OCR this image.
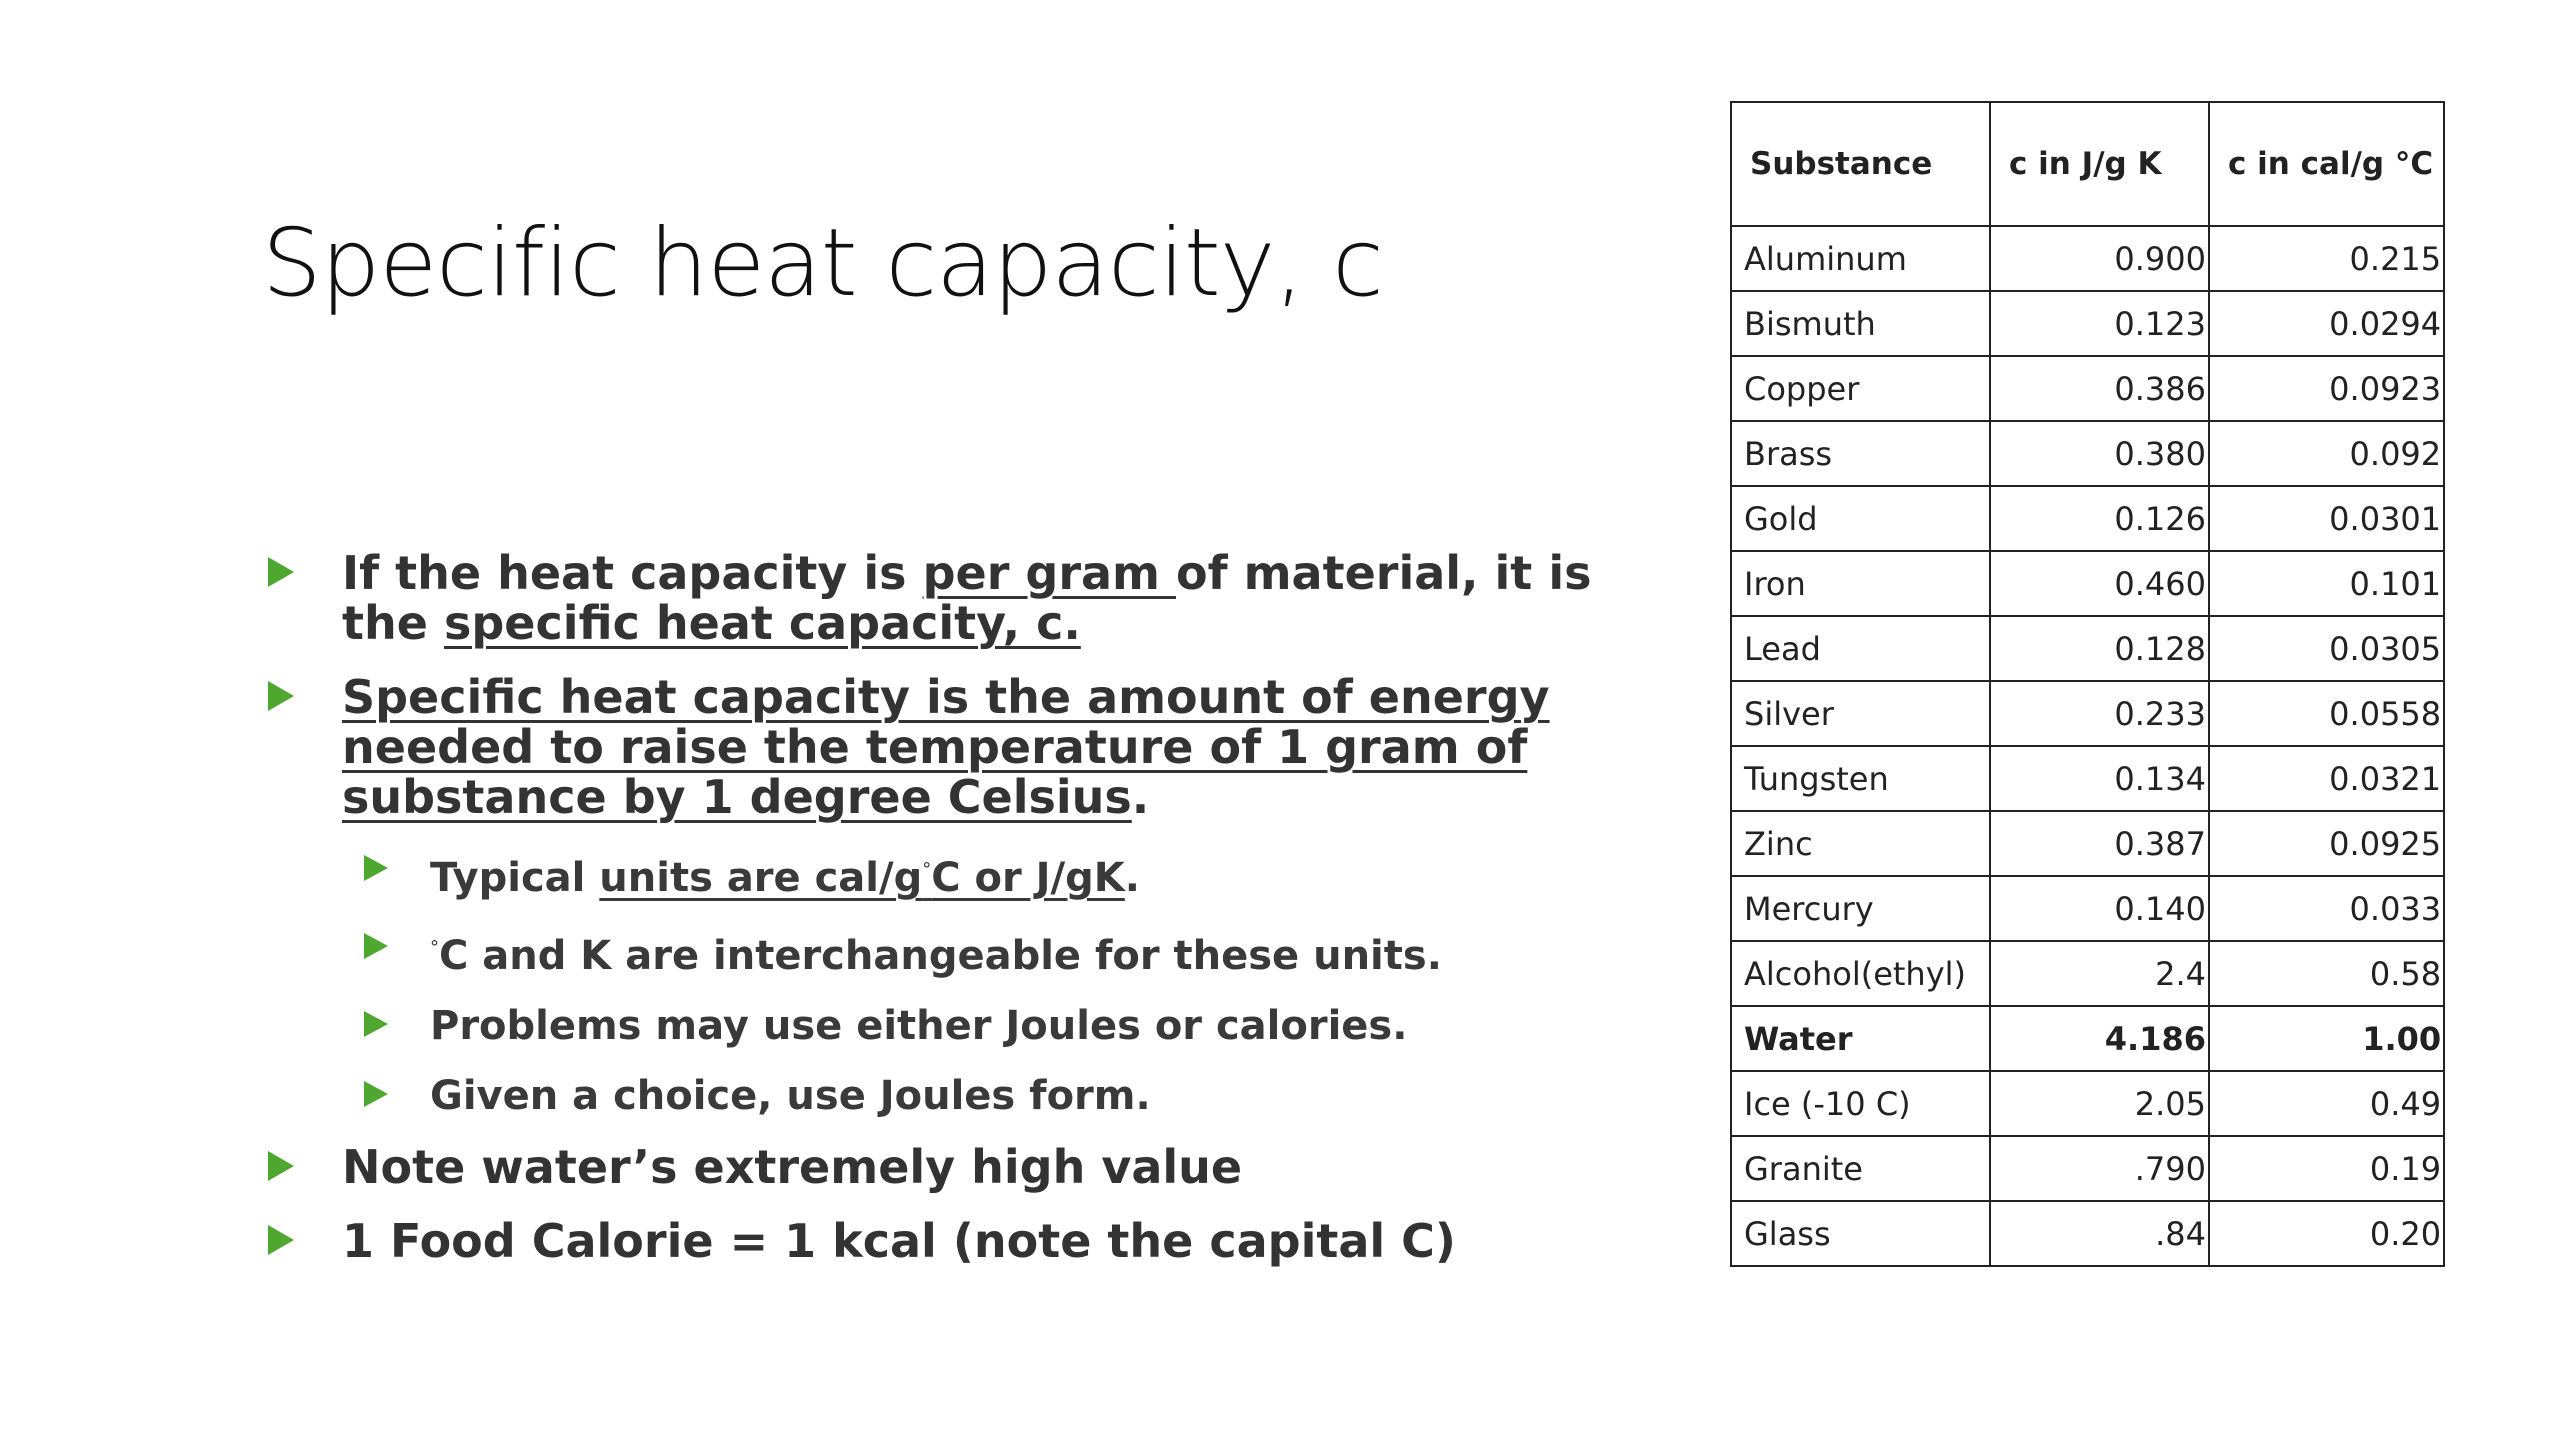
Specific heat capacity, c
If the heat capacity is per gram of material, it is the specific heat capacity, c.
Specific heat capacity is the amount of energy needed to raise the temperature of 1 gram of substance by 1 degree Celsius.
Typical units are cal/g°C or J/gK.
°C and K are interchangeable for these units.
Problems may use either Joules or calories.
Given a choice, use Joules form.
Note water’s extremely high value
1 Food Calorie = 1 kcal (note the capital C)
Substance	c in J/g K	c in cal/g °C
Aluminum	0.900	0.215
Bismuth	0.123	0.0294
Copper	0.386	0.0923
Brass	0.380	0.092
Gold	0.126	0.0301
Iron	0.460	0.101
Lead	0.128	0.0305
Silver	0.233	0.0558
Tungsten	0.134	0.0321
Zinc	0.387	0.0925
Mercury	0.140	0.033
Alcohol(ethyl)	2.4	0.58
Water	4.186	1.00
Ice (-10 C)	2.05	0.49
Granite	.790	0.19
Glass	.84	0.20
